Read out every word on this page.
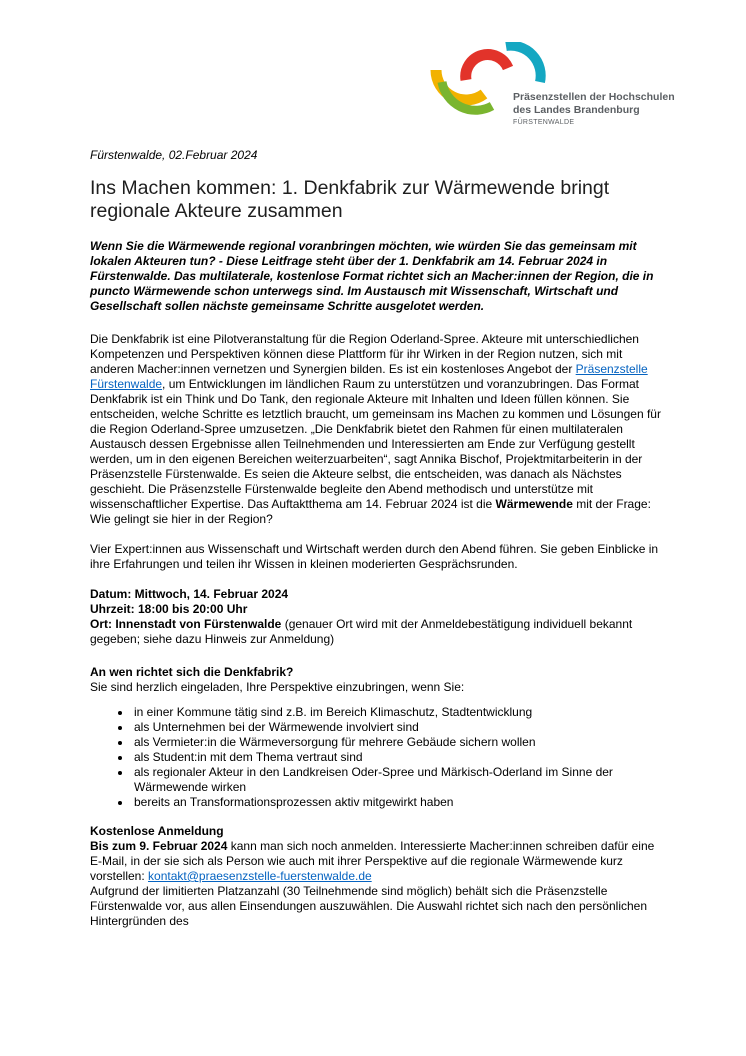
Präsenzstellen der Hochschulen
des Landes Brandenburg
FÜRSTENWALDE
Fürstenwalde, 02.Februar 2024
Ins Machen kommen: 1. Denkfabrik zur Wärmewende bringt regionale Akteure zusammen
Wenn Sie die Wärmewende regional voranbringen möchten, wie würden Sie das gemeinsam mit lokalen Akteuren tun? - Diese Leitfrage steht über der 1. Denkfabrik am 14. Februar 2024 in Fürstenwalde. Das multilaterale, kostenlose Format richtet sich an Macher:innen der Region, die in puncto Wärmewende schon unterwegs sind. Im Austausch mit Wissenschaft, Wirtschaft und Gesellschaft sollen nächste gemeinsame Schritte ausgelotet werden.

Die Denkfabrik ist eine Pilotveranstaltung für die Region Oderland-Spree. Akteure mit unterschiedlichen Kompetenzen und Perspektiven können diese Plattform für ihr Wirken in der Region nutzen, sich mit anderen Macher:innen vernetzen und Synergien bilden. Es ist ein kostenloses Angebot der Präsenzstelle Fürstenwalde, um Entwicklungen im ländlichen Raum zu unterstützen und voranzubringen. Das Format Denkfabrik ist ein Think und Do Tank, den regionale Akteure mit Inhalten und Ideen füllen können. Sie entscheiden, welche Schritte es letztlich braucht, um gemeinsam ins Machen zu kommen und Lösungen für die Region Oderland-Spree umzusetzen. „Die Denkfabrik bietet den Rahmen für einen multilateralen Austausch dessen Ergebnisse allen Teilnehmenden und Interessierten am Ende zur Verfügung gestellt werden, um in den eigenen Bereichen weiterzuarbeiten“, sagt Annika Bischof, Projektmitarbeiterin in der Präsenzstelle Fürstenwalde. Es seien die Akteure selbst, die entscheiden, was danach als Nächstes geschieht. Die Präsenzstelle Fürstenwalde begleite den Abend methodisch und unterstütze mit wissenschaftlicher Expertise. Das Auftaktthema am 14. Februar 2024 ist die Wärmewende mit der Frage: Wie gelingt sie hier in der Region?

Vier Expert:innen aus Wissenschaft und Wirtschaft werden durch den Abend führen. Sie geben Einblicke in ihre Erfahrungen und teilen ihr Wissen in kleinen moderierten Gesprächsrunden.

Datum: Mittwoch, 14. Februar 2024
Uhrzeit: 18:00 bis 20:00 Uhr

Ort: Innenstadt von Fürstenwalde (genauer Ort wird mit der Anmeldebestätigung individuell bekannt gegeben; siehe dazu Hinweis zur Anmeldung)

An wen richtet sich die Denkfabrik?
Sie sind herzlich eingeladen, Ihre Perspektive einzubringen, wenn Sie:
• in einer Kommune tätig sind z.B. im Bereich Klimaschutz, Stadtentwicklung
• als Unternehmen bei der Wärmewende involviert sind
• als Vermieter:in die Wärmeversorgung für mehrere Gebäude sichern wollen
• als Student:in mit dem Thema vertraut sind
• als regionaler Akteur in den Landkreisen Oder-Spree und Märkisch-Oderland im Sinne der Wärmewende wirken
• bereits an Transformationsprozessen aktiv mitgewirkt haben
Kostenlose Anmeldung
Bis zum 9. Februar 2024 kann man sich noch anmelden. Interessierte Macher:innen schreiben dafür eine E-Mail, in der sie sich als Person wie auch mit ihrer Perspektive auf die regionale Wärmewende kurz vorstellen: kontakt@praesenzstelle-fuerstenwalde.de
Aufgrund der limitierten Platzanzahl (30 Teilnehmende sind möglich) behält sich die Präsenzstelle Fürstenwalde vor, aus allen Einsendungen auszuwählen. Die Auswahl richtet sich nach den persönlichen Hintergründen des
